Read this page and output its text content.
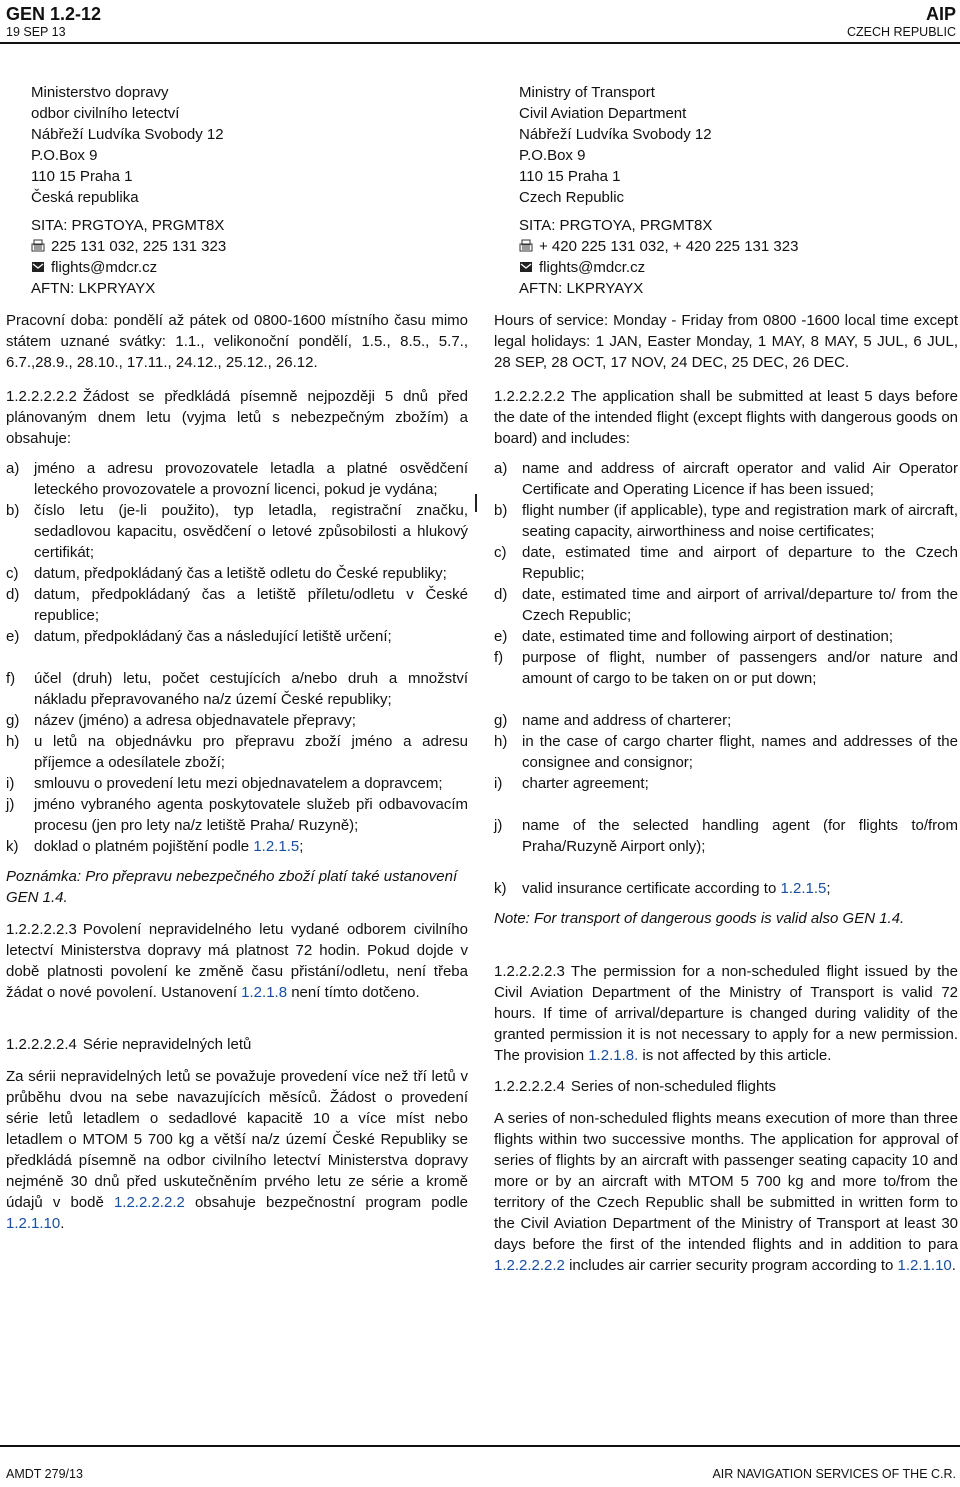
GEN 1.2-12
19 SEP 13
AIP
CZECH REPUBLIC
Ministerstvo dopravy
odbor civilního letectví
Nábřeží Ludvíka Svobody 12
P.O.Box 9
110 15 Praha 1
Česká republika
SITA: PRGTOYA, PRGMT8X
225 131 032, 225 131 323
flights@mdcr.cz
AFTN: LKPRYAYX
Pracovní doba: pondělí až pátek od 0800-1600 místního času mimo státem uznané svátky: 1.1., velikonoční pondělí, 1.5., 8.5., 5.7., 6.7.,28.9., 28.10., 17.11., 24.12., 25.12., 26.12.
1.2.2.2.2.2 Žádost se předkládá písemně nejpozději 5 dnů před plánovaným dnem letu (vyjma letů s nebezpečným zbožím) a obsahuje:
a) jméno a adresu provozovatele letadla a platné osvědčení leteckého provozovatele a provozní licenci, pokud je vydána;
b) číslo letu (je-li použito), typ letadla, registrační značku, sedadlovou kapacitu, osvědčení o letové způsobilosti a hlukový certifikát;
c)	datum, předpokládaný čas a letiště odletu do České republiky;
d) datum, předpokládaný čas a letiště příletu/odletu v České republice;
e) datum, předpokládaný čas a následující letiště určení;
f)	účel (druh) letu, počet cestujících a/nebo druh a množství nákladu přepravovaného na/z území České republiky;
g) název (jméno) a adresa objednavatele přepravy;
h) u letů na objednávku pro přepravu zboží jméno a adresu příjemce a odesílatele zboží;
i)	smlouvu o provedení letu mezi objednavatelem a dopravcem;
j)	jméno vybraného agenta poskytovatele služeb při odbavovacím procesu (jen pro lety na/z letiště Praha/ Ruzyně);
k)	doklad o platném pojištění podle 1.2.1.5;
Poznámka: Pro přepravu nebezpečného zboží platí také ustanovení GEN 1.4.
1.2.2.2.2.3 Povolení nepravidelného letu vydané odborem civilního letectví Ministerstva dopravy má platnost 72 hodin. Pokud dojde v době platnosti povolení ke změně času přistání/odletu, není třeba žádat o nové povolení. Ustanovení 1.2.1.8 není tímto dotčeno.
1.2.2.2.2.4 Série nepravidelných letů
Za sérii nepravidelných letů se považuje provedení více než tří letů v průběhu dvou na sebe navazujících měsíců. Žádost o provedení série letů letadlem o sedadlové kapacitě 10 a více míst nebo letadlem o MTOM 5 700 kg a větší na/z území České Republiky se předkládá písemně na odbor civilního letectví Ministerstva dopravy nejméně 30 dnů před uskutečněním prvého letu ze série a kromě údajů v bodě 1.2.2.2.2.2 obsahuje bezpečnostní program podle 1.2.1.10.
Ministry of Transport
Civil Aviation Department
Nábřeží Ludvíka Svobody 12
P.O.Box 9
110 15 Praha 1
Czech Republic
SITA: PRGTOYA, PRGMT8X
+ 420 225 131 032, + 420 225 131 323
flights@mdcr.cz
AFTN: LKPRYAYX
Hours of service: Monday - Friday from 0800 -1600 local time except legal holidays: 1 JAN, Easter Monday, 1 MAY, 8 MAY, 5 JUL, 6 JUL, 28 SEP, 28 OCT, 17 NOV, 24 DEC, 25 DEC, 26 DEC.
1.2.2.2.2.2 The application shall be submitted at least 5 days before the date of the intended flight (except flights with dangerous goods on board) and includes:
a) name and address of aircraft operator and valid Air Operator Certificate and Operating Licence if has been issued;
b) flight number (if applicable), type and registration mark of aircraft, seating capacity, airworthiness and noise certificates;
c)	date, estimated time and airport of departure to the Czech Republic;
d) date, estimated time and airport of arrival/departure to/ from the Czech Republic;
e) date, estimated time and following airport of destination;
f)	purpose of flight, number of passengers and/or nature and amount of cargo to be taken on or put down;
g) name and address of charterer;
h) in the case of cargo charter flight, names and addresses of the consignee and consignor;
i)	charter agreement;
j)	name of the selected handling agent (for flights to/from Praha/Ruzyně Airport only);
k)	valid insurance certificate according to 1.2.1.5;
Note: For transport of dangerous goods is valid also GEN 1.4.
1.2.2.2.2.3 The permission for a non-scheduled flight issued by the Civil Aviation Department of the Ministry of Transport is valid 72 hours. If time of arrival/departure is changed during validity of the granted permission it is not necessary to apply for a new permission. The provision 1.2.1.8. is not affected by this article.
1.2.2.2.2.4 Series of non-scheduled flights
A series of non-scheduled flights means execution of more than three flights within two successive months. The application for approval of series of flights by an aircraft with passenger seating capacity 10 and more or by an aircraft with MTOM 5 700 kg and more to/from the territory of the Czech Republic shall be submitted in written form to the Civil Aviation Department of the Ministry of Transport at least 30 days before the first of the intended flights and in addition to para 1.2.2.2.2.2 includes air carrier security program according to 1.2.1.10.
AMDT 279/13	AIR NAVIGATION SERVICES OF THE C.R.
